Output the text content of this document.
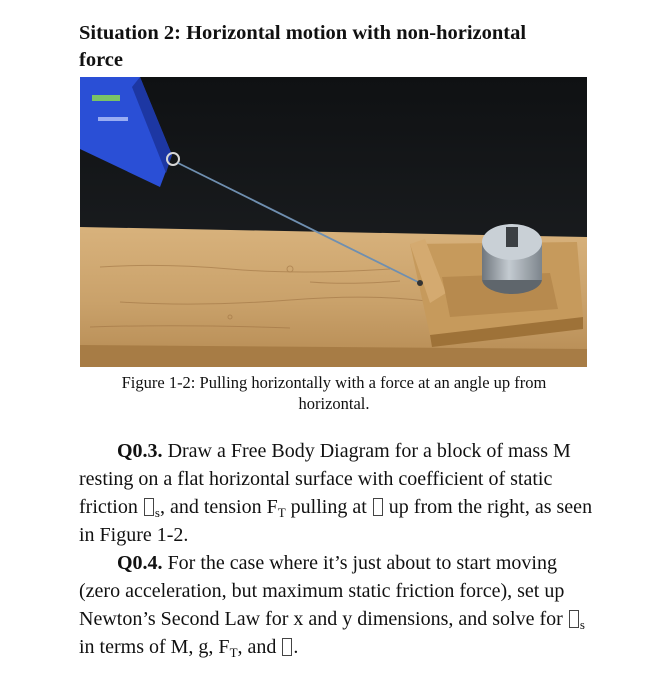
Situation 2: Horizontal motion with non-horizontal
force
Figure 1-2: Pulling horizontally with a force at an angle up from
horizontal.

Q0.3. Draw a Free Body Diagram for a block of mass M resting on a flat horizontal surface with coefficient of static friction $_s$, and tension $F_T$ pulling at  up from the right, as seen in Figure 1-2.

Q0.4. For the case where it’s just about to start moving (zero acceleration, but maximum static friction force), set up Newton’s Second Law for x and y dimensions, and solve for $_s$ in terms of M, g, $F_T$, and .
